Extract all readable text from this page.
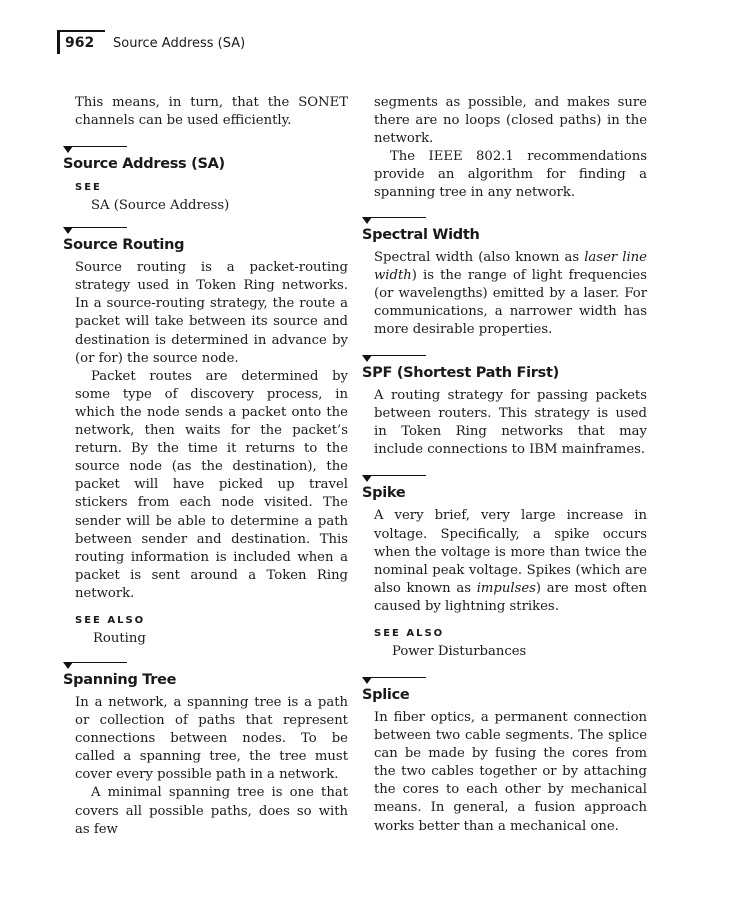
962 Source Address (SA)

This means, in turn, that the SONET channels can be used efficiently.

Source Address (SA)
SEE
SA (Source Address)
Source Routing

Source routing is a packet-routing strategy used in Token Ring networks. In a source-routing strategy, the route a packet will take between its source and destination is determined in advance by (or for) the source node.

Packet routes are determined by some type of discovery process, in which the node sends a packet onto the network, then waits for the packet’s return. By the time it returns to the source node (as the destination), the packet will have picked up travel stickers from each node visited. The sender will be able to determine a path between sender and destination. This routing information is included when a packet is sent around a Token Ring network.

SEE ALSO
Routing
Spanning Tree

In a network, a spanning tree is a path or collection of paths that represent connections between nodes. To be called a spanning tree, the tree must cover every possible path in a network.

A minimal spanning tree is one that covers all possible paths, does so with as few

segments as possible, and makes sure there are no loops (closed paths) in the network.

The IEEE 802.1 recommendations provide an algorithm for finding a spanning tree in any network.

Spectral Width

Spectral width (also known as laser line width) is the range of light frequencies (or wavelengths) emitted by a laser. For communications, a narrower width has more desirable properties.

SPF (Shortest Path First)

A routing strategy for passing packets between routers. This strategy is used in Token Ring networks that may include connections to IBM mainframes.

Spike

A very brief, very large increase in voltage. Specifically, a spike occurs when the voltage is more than twice the nominal peak voltage. Spikes (which are also known as impulses) are most often caused by lightning strikes.

SEE ALSO
Power Disturbances
Splice

In fiber optics, a permanent connection between two cable segments. The splice can be made by fusing the cores from the two cables together or by attaching the cores to each other by mechanical means. In general, a fusion approach works better than a mechanical one.
